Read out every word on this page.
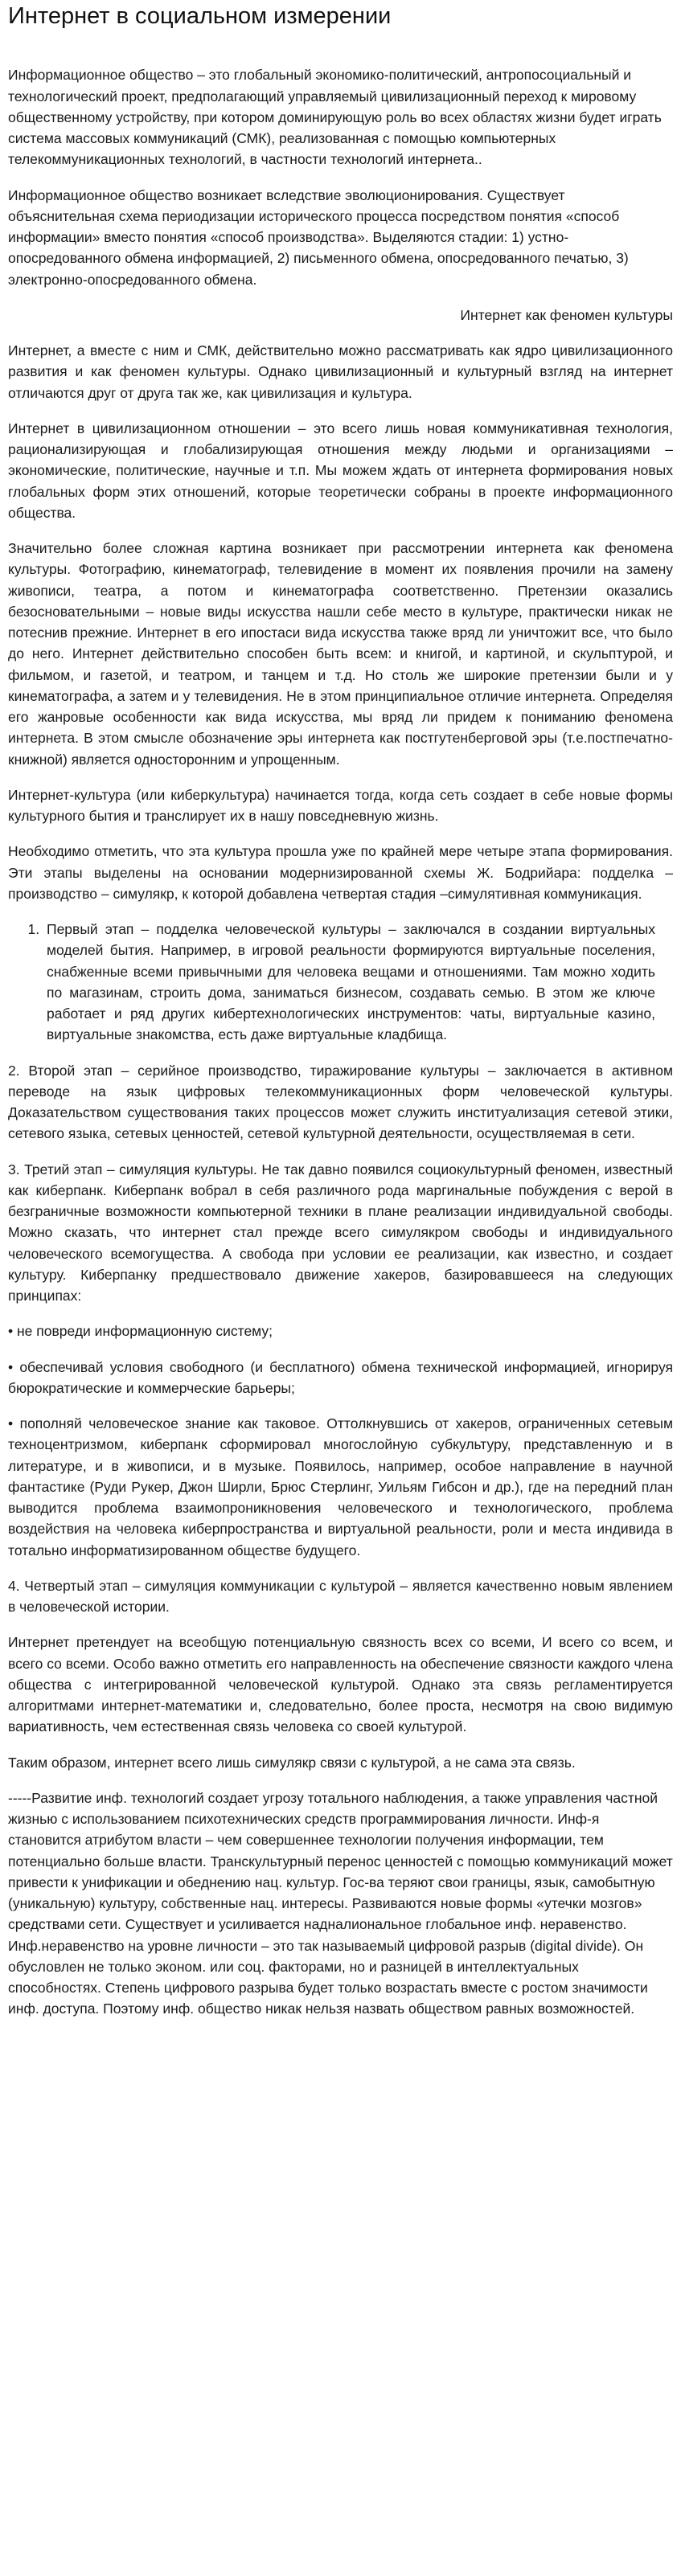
Интернет в социальном измерении

Информационное общество – это глобальный экономико-политический, антропосоциальный и технологический проект, предполагающий управляемый цивилизационный переход к мировому общественному устройству, при котором доминирующую роль во всех областях жизни будет играть система массовых коммуникаций (СМК), реализованная с помощью компьютерных телекоммуникационных технологий, в частности технологий интернета..

Информационное общество возникает вследствие эволюционирования. Существует объяснительная схема периодизации исторического процесса посредством понятия «способ информации» вместо понятия «способ производства». Выделяются стадии: 1) устно-опосредованного обмена информацией, 2) письменного обмена, опосредованного печатью, 3) электронно-опосредованного обмена.

Интернет как феномен культуры

Интернет, а вместе с ним и СМК, действительно можно рассматривать как ядро цивилизационного развития и как феномен культуры. Однако цивилизационный и культурный взгляд на интернет отличаются друг от друга так же, как цивилизация и культура.

Интернет в цивилизационном отношении – это всего лишь новая коммуникативная технология, рационализирующая и глобализирующая отношения между людьми и организациями – экономические, политические, научные и т.п. Мы можем ждать от интернета формирования новых глобальных форм этих отношений, которые теоретически собраны в проекте информационного общества.

Значительно более сложная картина возникает при рассмотрении интернета как феномена культуры. Фотографию, кинематограф, телевидение в момент их появления прочили на замену живописи, театра, а потом и кинематографа соответственно. Претензии оказались безосновательными – новые виды искусства нашли себе место в культуре, практически никак не потеснив прежние. Интернет в его ипостаси вида искусства также вряд ли уничтожит все, что было до него. Интернет действительно способен быть всем: и книгой, и картиной, и скульптурой, и фильмом, и газетой, и театром, и танцем и т.д. Но столь же широкие претензии были и у кинематографа, а затем и у телевидения. Не в этом принципиальное отличие интернета. Определяя его жанровые особенности как вида искусства, мы вряд ли придем к пониманию феномена интернета. В этом смысле обозначение эры интернета как постгутенберговой эры (т.е.постпечатно-книжной) является односторонним и упрощенным.

Интернет-культура (или киберкультура) начинается тогда, когда сеть создает в себе новые формы культурного бытия и транслирует их в нашу повседневную жизнь.

Необходимо отметить, что эта культура прошла уже по крайней мере четыре этапа формирования. Эти этапы выделены на основании модернизированной схемы Ж. Бодрийара: подделка – производство – симулякр, к которой добавлена четвертая стадия –симулятивная коммуникация.

1. Первый этап – подделка человеческой культуры – заключался в создании виртуальных моделей бытия. Например, в игровой реальности формируются виртуальные поселения, снабженные всеми привычными для человека вещами и отношениями. Там можно ходить по магазинам, строить дома, заниматься бизнесом, создавать семью. В этом же ключе работает и ряд других кибертехнологических инструментов: чаты, виртуальные казино, виртуальные знакомства, есть даже виртуальные кладбища.

2. Второй этап – серийное производство, тиражирование культуры – заключается в активном переводе на язык цифровых телекоммуникационных форм человеческой культуры. Доказательством существования таких процессов может служить институализация сетевой этики, сетевого языка, сетевых ценностей, сетевой культурной деятельности, осуществляемая в сети.

3. Третий этап – симуляция культуры. Не так давно появился социокультурный феномен, известный как киберпанк. Киберпанк вобрал в себя различного рода маргинальные побуждения с верой в безграничные возможности компьютерной техники в плане реализации индивидуальной свободы. Можно сказать, что интернет стал прежде всего симулякром свободы и индивидуального человеческого всемогущества. А свобода при условии ее реализации, как известно, и создает культуру. Киберпанку предшествовало движение хакеров, базировавшееся на следующих принципах:

• не повреди информационную систему;

• обеспечивай условия свободного (и бесплатного) обмена технической информацией, игнорируя бюрократические и коммерческие барьеры;

• пополняй человеческое знание как таковое. Оттолкнувшись от хакеров, ограниченных сетевым техноцентризмом, киберпанк сформировал многослойную субкультуру, представленную и в литературе, и в живописи, и в музыке. Появилось, например, особое направление в научной фантастике (Руди Рукер, Джон Ширли, Брюс Стерлинг, Уильям Гибсон и др.), где на передний план выводится проблема взаимопроникновения человеческого и технологического, проблема воздействия на человека киберпространства и виртуальной реальности, роли и места индивида в тотально информатизированном обществе будущего.

4. Четвертый этап – симуляция коммуникации с культурой – является качественно новым явлением в человеческой истории.

Интернет претендует на всеобщую потенциальную связность всех со всеми, И всего со всем, и всего со всеми. Особо важно отметить его направленность на обеспечение связности каждого члена общества с интегрированной человеческой культурой. Однако эта связь регламентируется алгоритмами интернет-математики и, следовательно, более проста, несмотря на свою видимую вариативность, чем естественная связь человека со своей культурой.

Таким образом, интернет всего лишь симулякр связи с культурой, а не сама эта связь.

-----Развитие инф. технологий создает угрозу тотального наблюдения, а также управления частной жизнью с использованием психотехнических средств программирования личности. Инф-я становится атрибутом власти – чем совершеннее технологии получения информации, тем потенциально больше власти. Транскультурный перенос ценностей с помощью коммуникаций может привести к унификации и обеднению нац. культур. Гос-ва теряют свои границы, язык, самобытную (уникальную) культуру, собственные нац. интересы. Развиваются новые формы «утечки мозгов» средствами сети. Существует и усиливается надналиональное глобальное инф. неравенство. Инф.неравенство на уровне личности – это так называемый цифровой разрыв (digital divide). Он обусловлен не только эконом. или соц. факторами, но и разницей в интеллектуальных способностях. Степень цифрового разрыва будет только возрастать вместе с ростом значимости инф. доступа. Поэтому инф. общество никак нельзя назвать обществом равных возможностей.
